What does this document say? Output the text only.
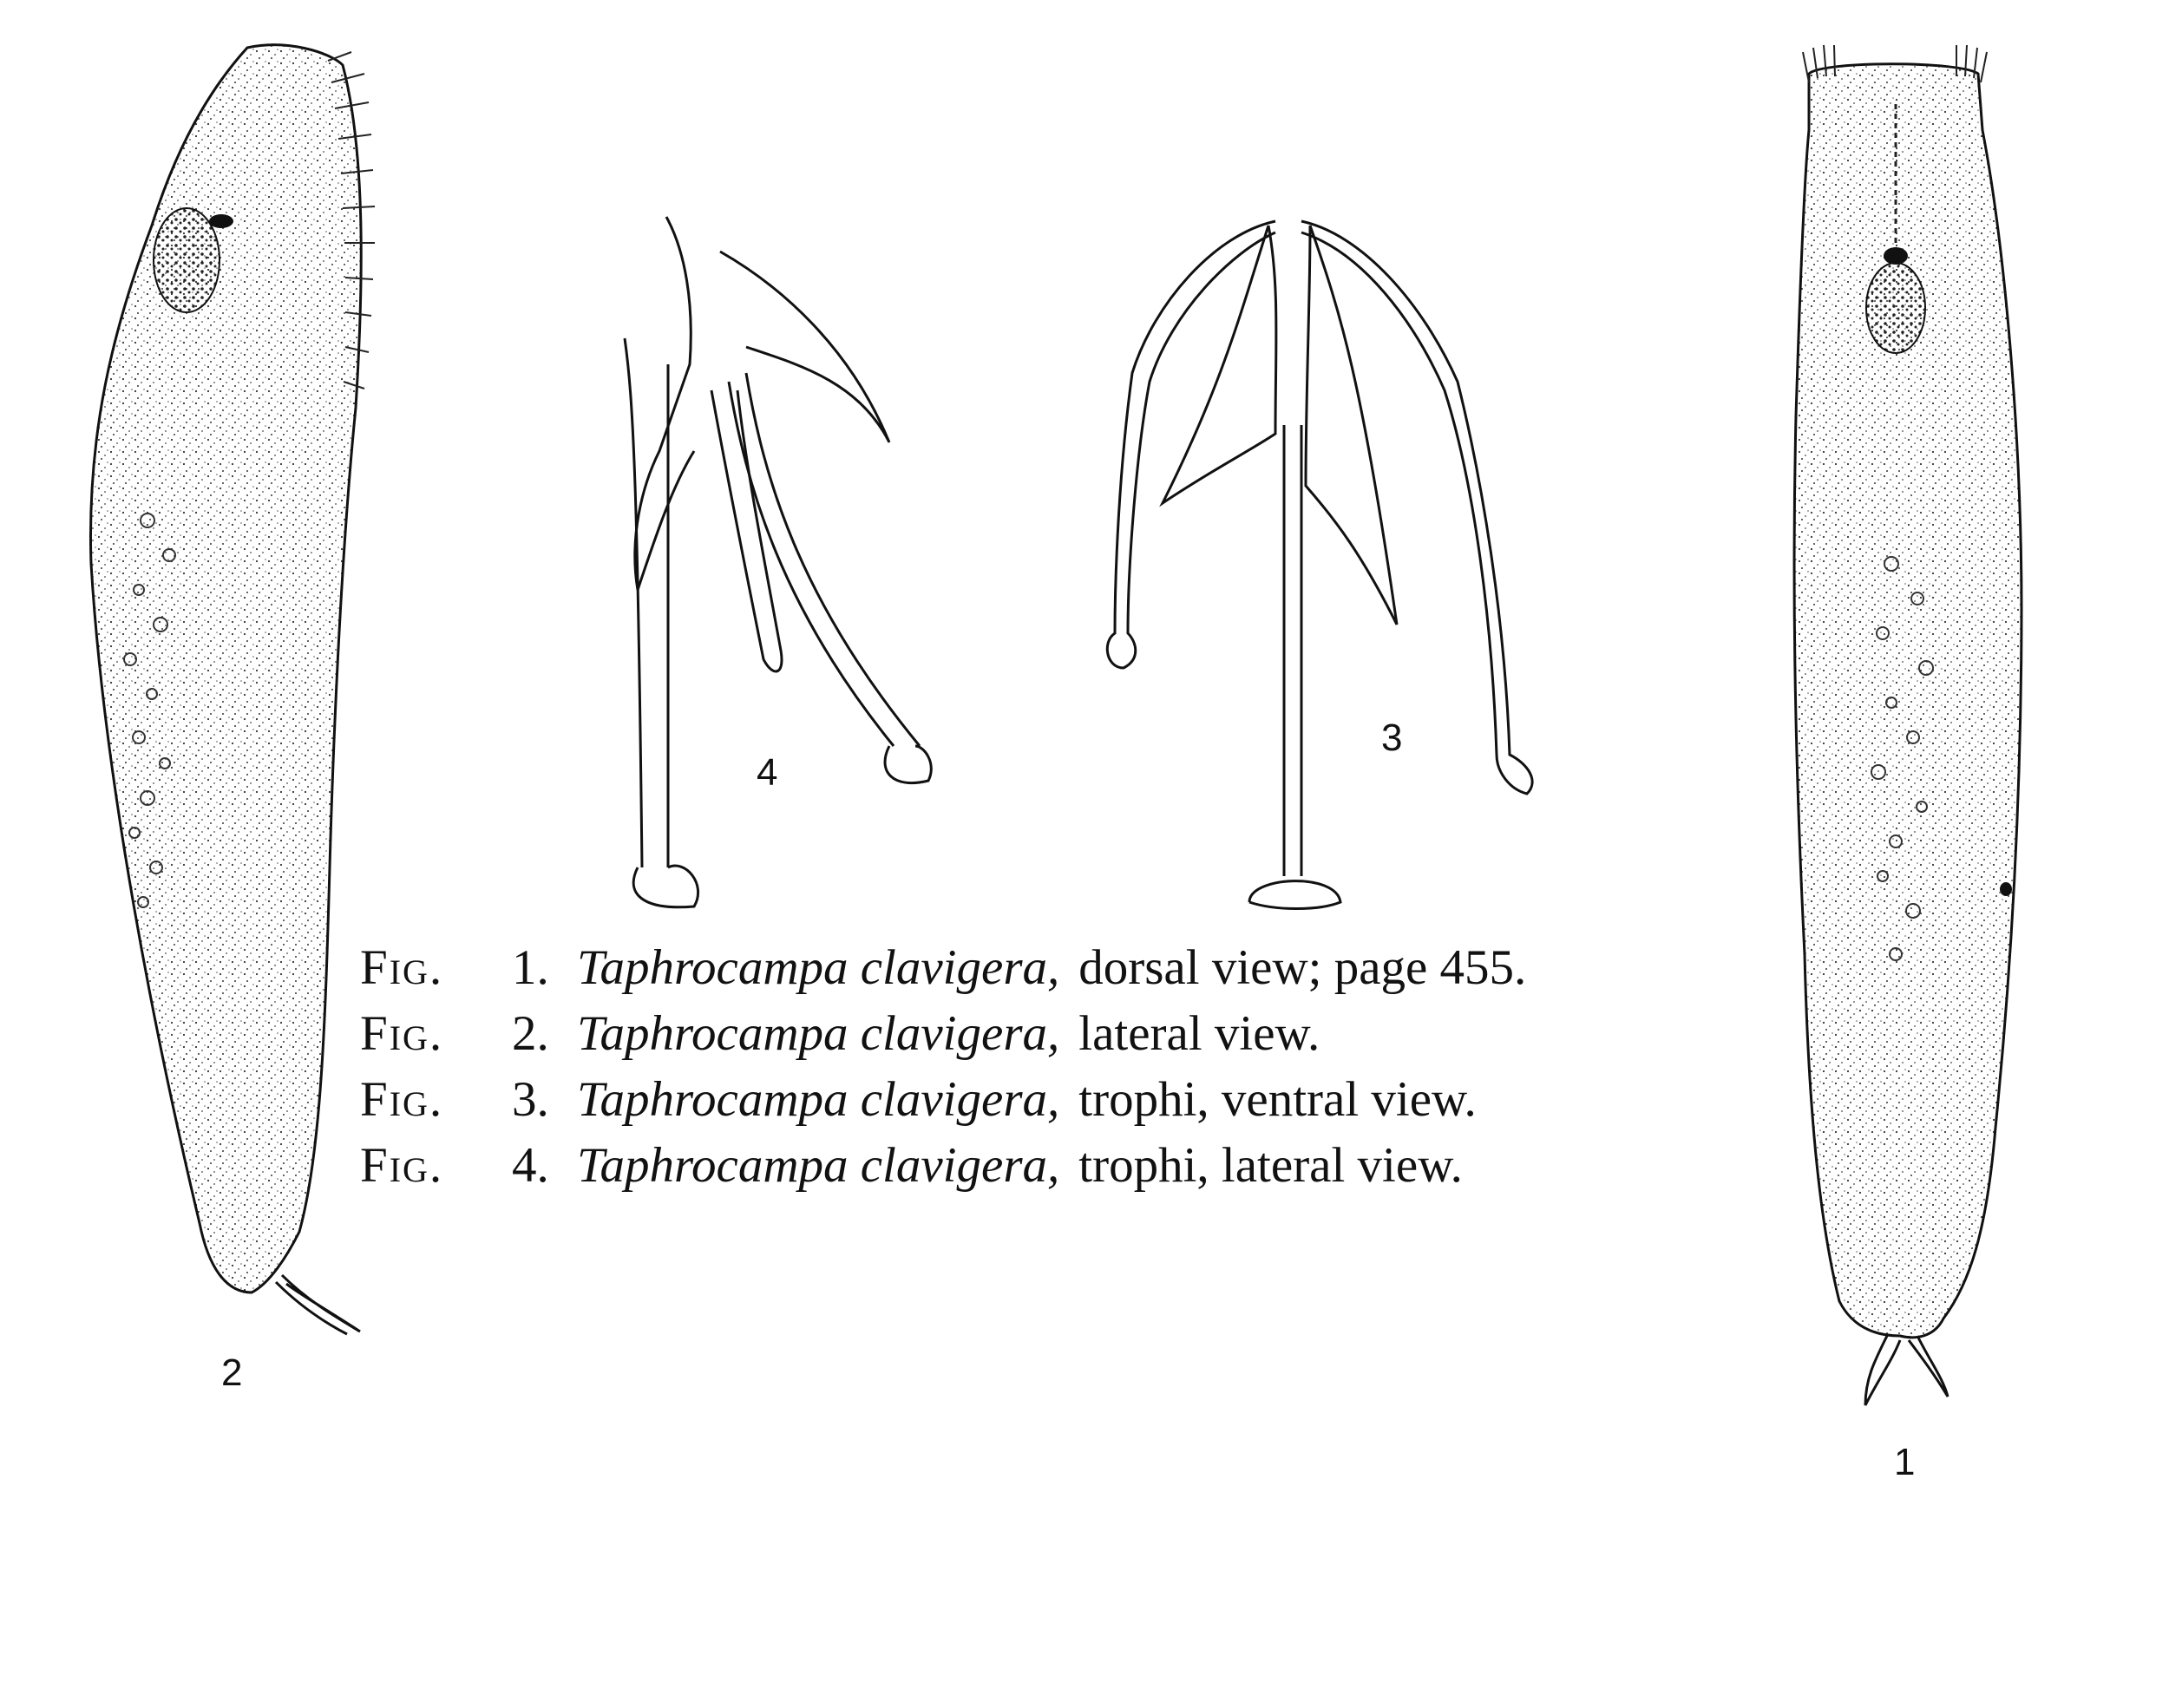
2
4
3
1
Fig.	1. Taphrocampa clavigera, dorsal view; page 455.
Fig.	2. Taphrocampa clavigera, lateral view.
Fig.	3. Taphrocampa clavigera, trophi, ventral view.
Fig.	4. Taphrocampa clavigera, trophi, lateral view.
